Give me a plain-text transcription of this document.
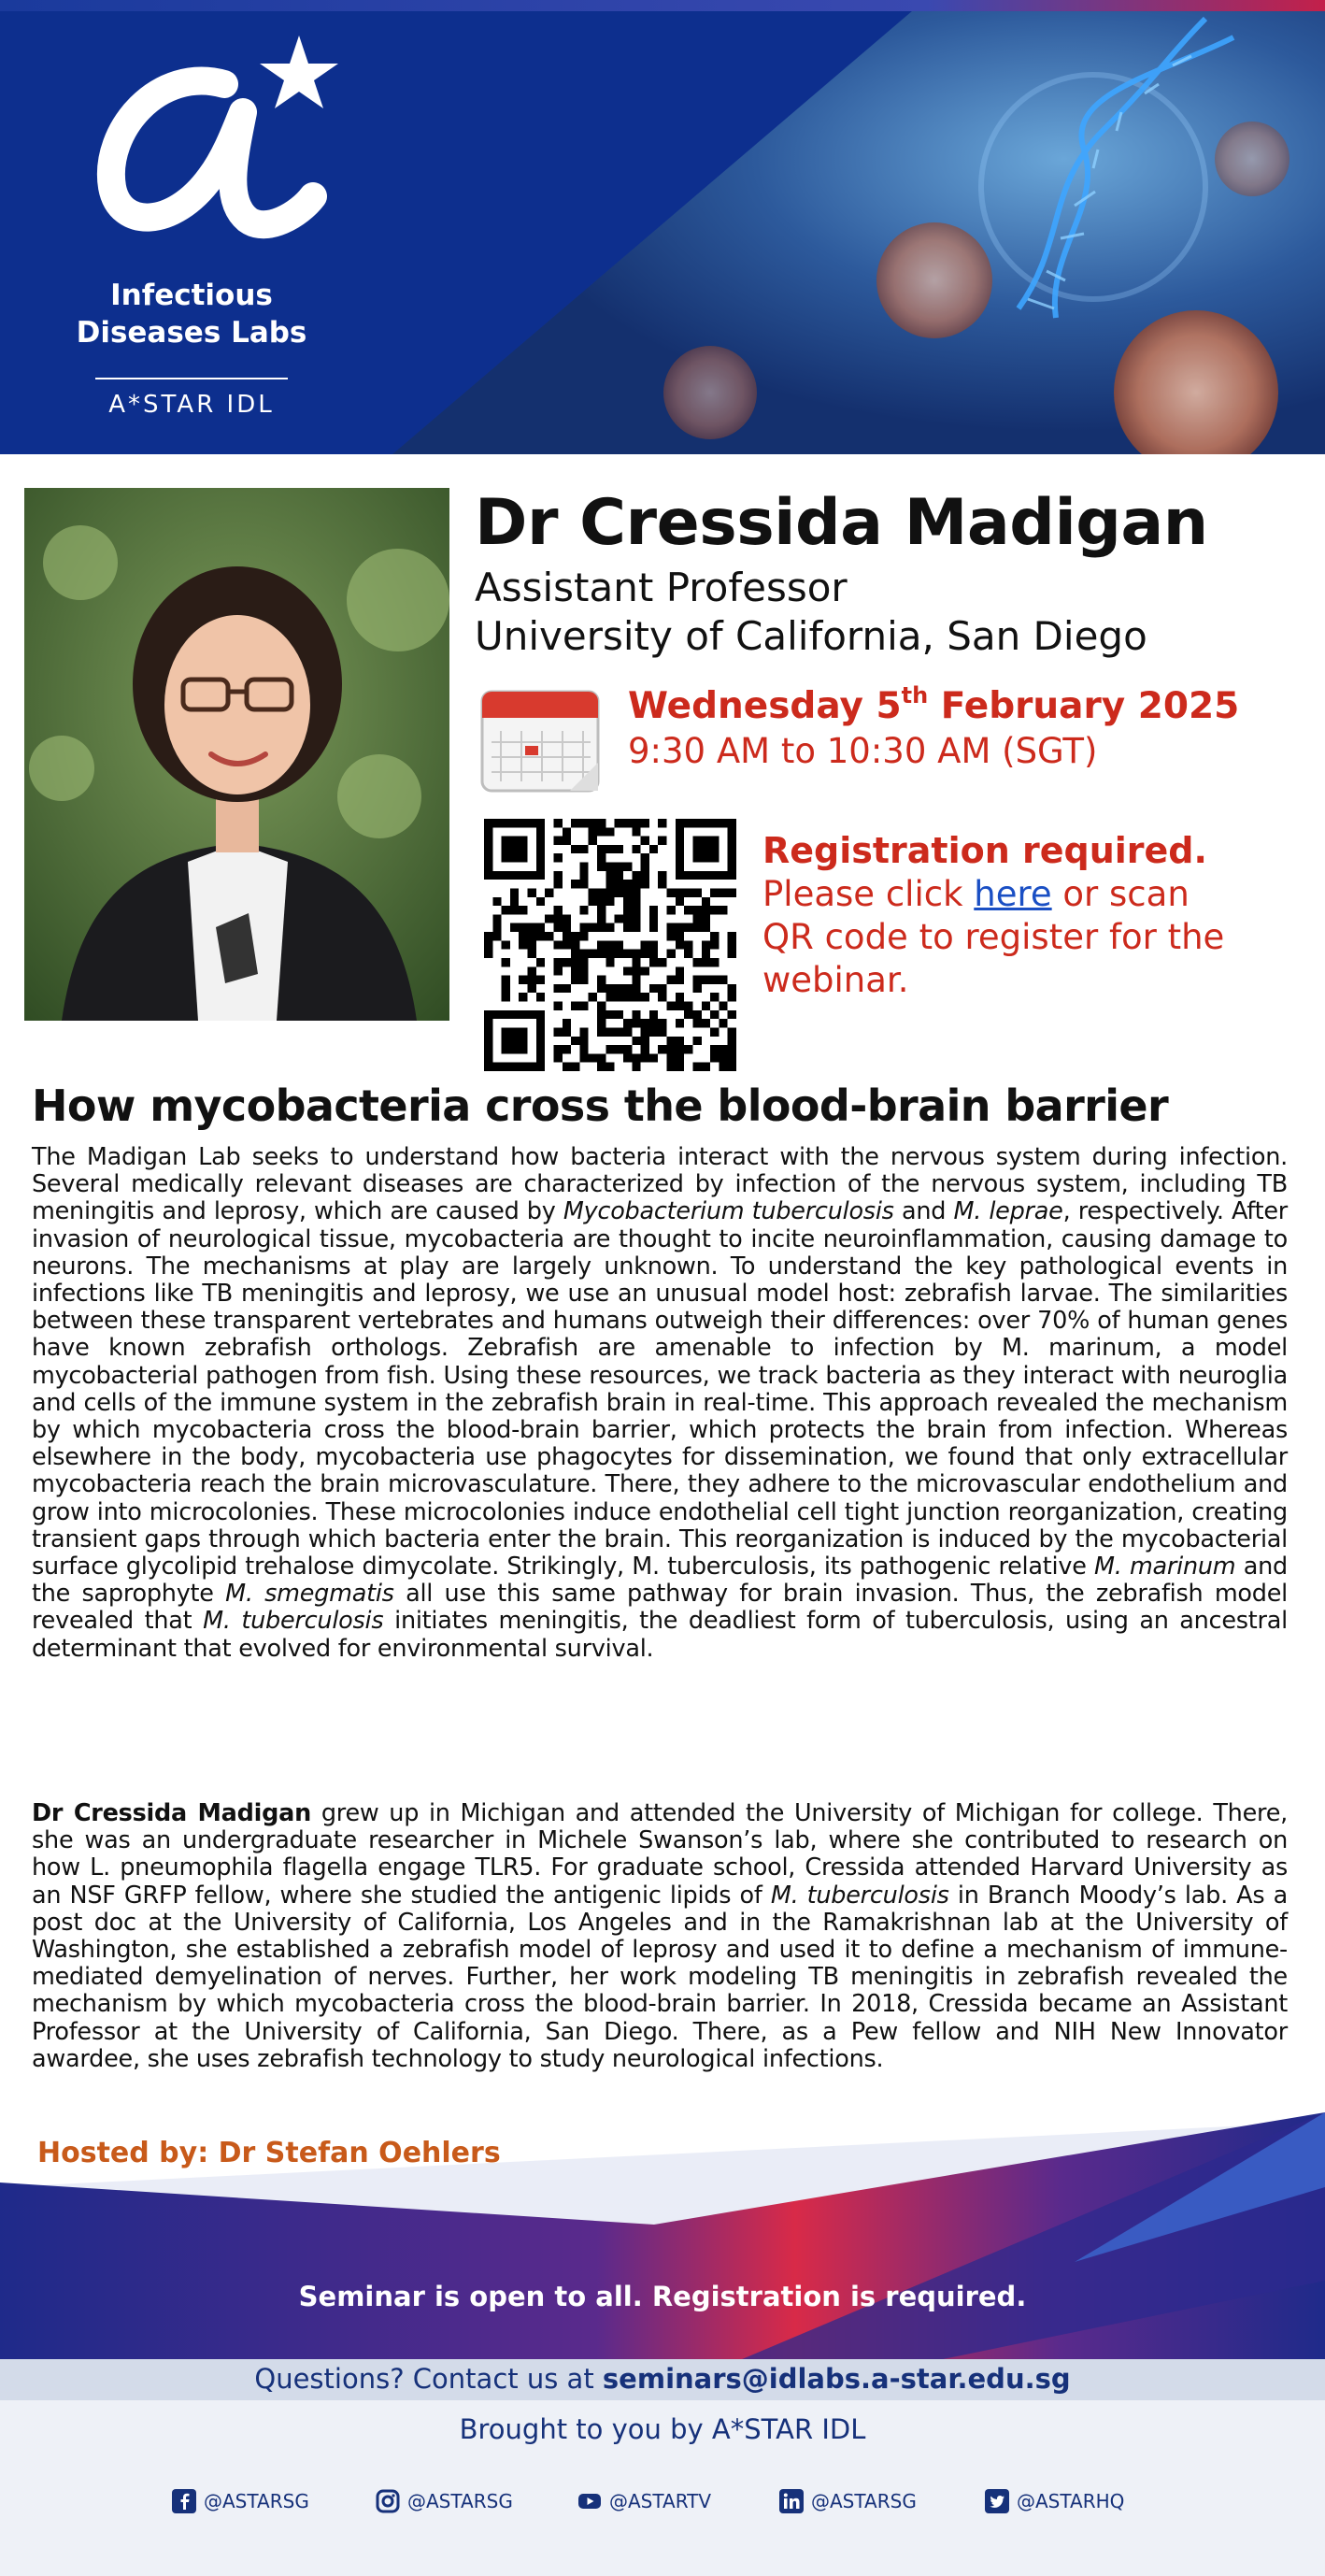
Infectious
Diseases Labs
A*STAR IDL
Dr Cressida Madigan
Assistant Professor
University of California, San Diego
Wednesday 5th February 2025
9:30 AM to 10:30 AM (SGT)
Registration required.
Please click here or scan QR code to register for the webinar.
How mycobacteria cross the blood-brain barrier
The Madigan Lab seeks to understand how bacteria interact with the nervous system during infection. Several medically relevant diseases are characterized by infection of the nervous system, including TB meningitis and leprosy, which are caused by Mycobacterium tuberculosis and M. leprae, respectively. After invasion of neurological tissue, mycobacteria are thought to incite neuroinflammation, causing damage to neurons. The mechanisms at play are largely unknown. To understand the key pathological events in infections like TB meningitis and leprosy, we use an unusual model host: zebrafish larvae. The similarities between these transparent vertebrates and humans outweigh their differences: over 70% of human genes have known zebrafish orthologs. Zebrafish are amenable to infection by M. marinum, a model mycobacterial pathogen from fish. Using these resources, we track bacteria as they interact with neuroglia and cells of the immune system in the zebrafish brain in real-time. This approach revealed the mechanism by which mycobacteria cross the blood-brain barrier, which protects the brain from infection. Whereas elsewhere in the body, mycobacteria use phagocytes for dissemination, we found that only extracellular mycobacteria reach the brain microvasculature. There, they adhere to the microvascular endothelium and grow into microcolonies. These microcolonies induce endothelial cell tight junction reorganization, creating transient gaps through which bacteria enter the brain. This reorganization is induced by the mycobacterial surface glycolipid trehalose dimycolate. Strikingly, M. tuberculosis, its pathogenic relative M. marinum and the saprophyte M. smegmatis all use this same pathway for brain invasion. Thus, the zebrafish model revealed that M. tuberculosis initiates meningitis, the deadliest form of tuberculosis, using an ancestral determinant that evolved for environmental survival.
Dr Cressida Madigan grew up in Michigan and attended the University of Michigan for college. There, she was an undergraduate researcher in Michele Swanson’s lab, where she contributed to research on how L. pneumophila flagella engage TLR5. For graduate school, Cressida attended Harvard University as an NSF GRFP fellow, where she studied the antigenic lipids of M. tuberculosis in Branch Moody’s lab. As a post doc at the University of California, Los Angeles and in the Ramakrishnan lab at the University of Washington, she established a zebrafish model of leprosy and used it to define a mechanism of immune-mediated demyelination of nerves. Further, her work modeling TB meningitis in zebrafish revealed the mechanism by which mycobacteria cross the blood-brain barrier. In 2018, Cressida became an Assistant Professor at the University of California, San Diego. There, as a Pew fellow and NIH New Innovator awardee, she uses zebrafish technology to study neurological infections.
Hosted by: Dr Stefan Oehlers
Seminar is open to all. Registration is required.
Questions? Contact us at seminars@idlabs.a-star.edu.sg
Brought to you by A*STAR IDL
@ASTARSG	@ASTARSG	@ASTARTV	@ASTARSG	@ASTARHQ
